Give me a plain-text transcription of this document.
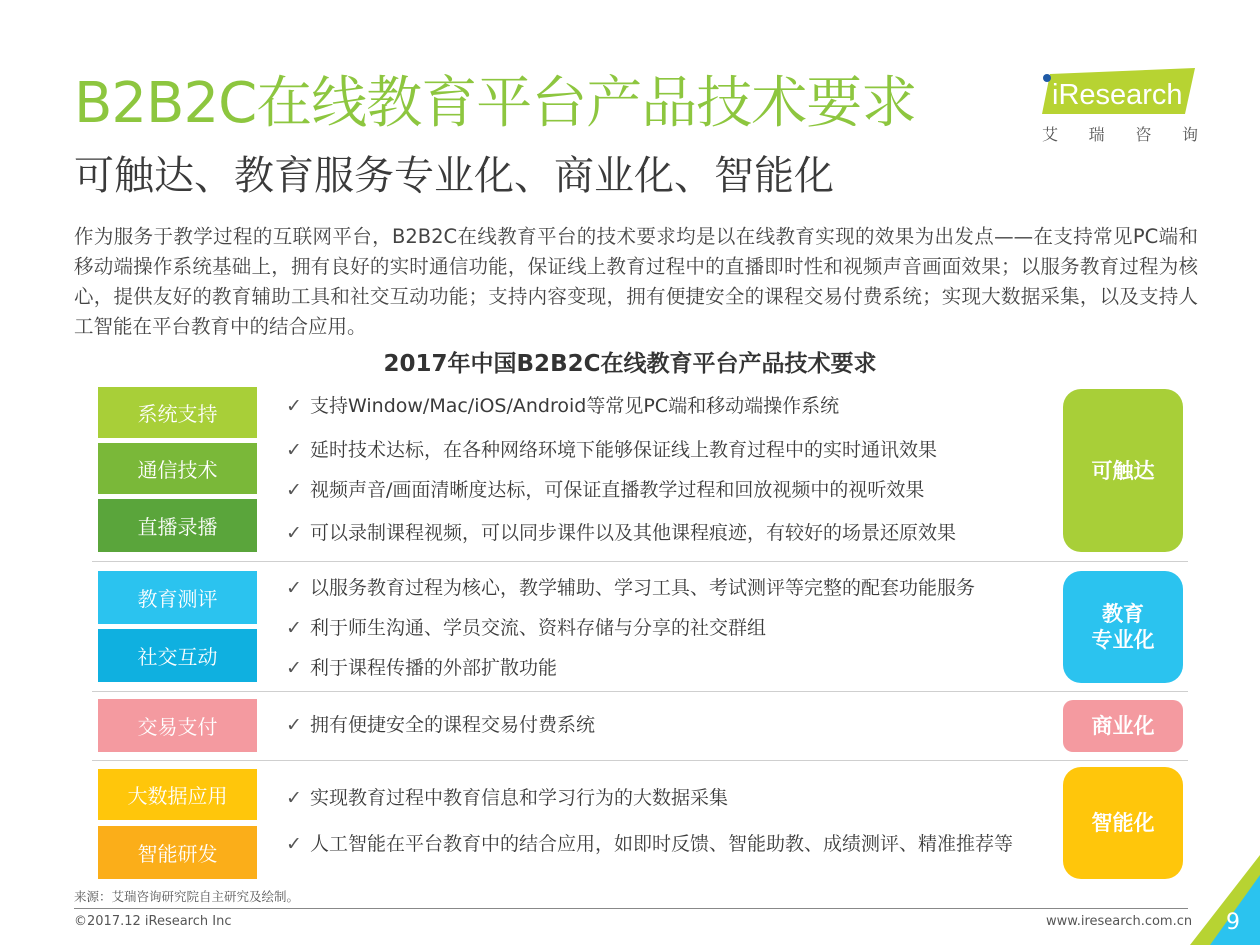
B2B2C在线教育平台产品技术要求
可触达、教育服务专业化、商业化、智能化
iResearch
艾 瑞 咨 询
作为服务于教学过程的互联网平台，B2B2C在线教育平台的技术要求均是以在线教育实现的效果为出发点——在支持常见PC端和移动端操作系统基础上，拥有良好的实时通信功能，保证线上教育过程中的直播即时性和视频声音画面效果；以服务教育过程为核心，提供友好的教育辅助工具和社交互动功能；支持内容变现，拥有便捷安全的课程交易付费系统；实现大数据采集，以及支持人工智能在平台教育中的结合应用。
2017年中国B2B2C在线教育平台产品技术要求
系统支持
通信技术
直播录播
教育测评
社交互动
交易支付
大数据应用
智能研发
✓ 支持Window/Mac/iOS/Android等常见PC端和移动端操作系统
✓ 延时技术达标，在各种网络环境下能够保证线上教育过程中的实时通讯效果
✓ 视频声音/画面清晰度达标，可保证直播教学过程和回放视频中的视听效果
✓ 可以录制课程视频，可以同步课件以及其他课程痕迹，有较好的场景还原效果
✓ 以服务教育过程为核心，教学辅助、学习工具、考试测评等完整的配套功能服务
✓ 利于师生沟通、学员交流、资料存储与分享的社交群组
✓ 利于课程传播的外部扩散功能
✓ 拥有便捷安全的课程交易付费系统
✓ 实现教育过程中教育信息和学习行为的大数据采集
✓ 人工智能在平台教育中的结合应用，如即时反馈、智能助教、成绩测评、精准推荐等
可触达
教育
专业化
商业化
智能化
来源：艾瑞咨询研究院自主研究及绘制。
©2017.12 iResearch Inc	www.iresearch.com.cn 9
